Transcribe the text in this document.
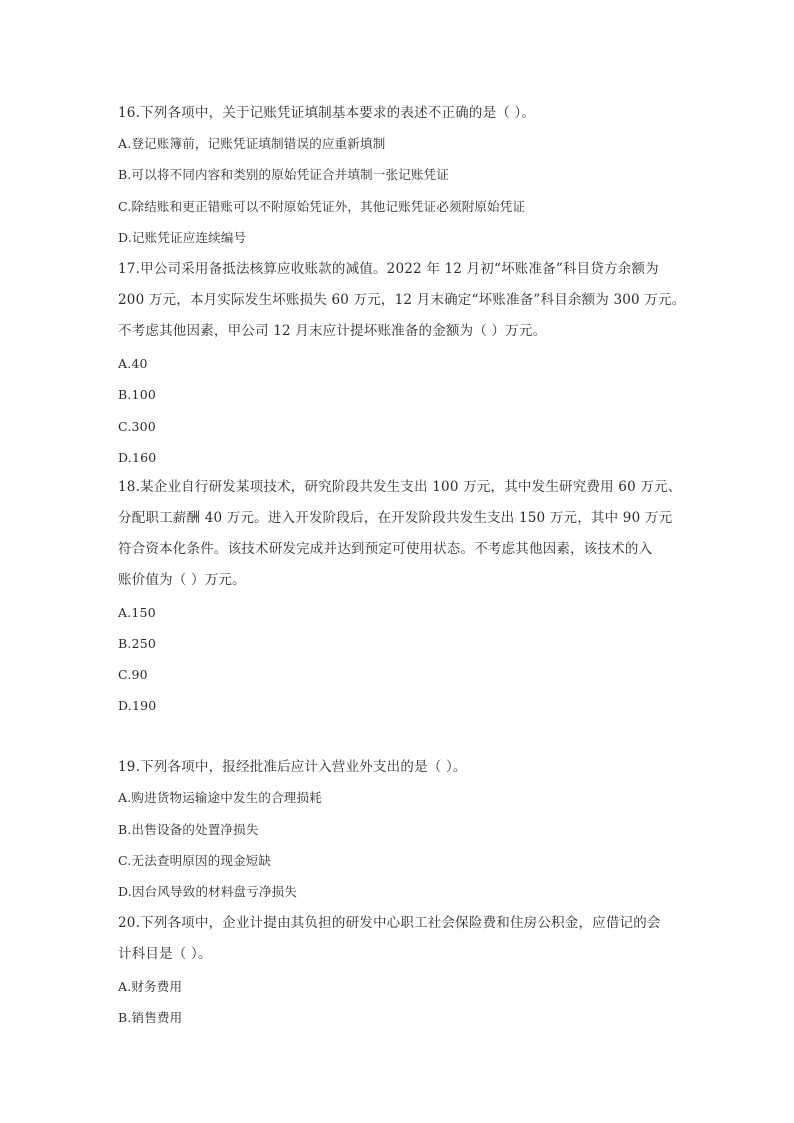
16.下列各项中，关于记账凭证填制基本要求的表述不正确的是（ ）。
A.登记账簿前，记账凭证填制错误的应重新填制
B.可以将不同内容和类别的原始凭证合并填制一张记账凭证
C.除结账和更正错账可以不附原始凭证外，其他记账凭证必须附原始凭证
D.记账凭证应连续编号
17.甲公司采用备抵法核算应收账款的减值。2022 年 12 月初“坏账准备”科目贷方余额为
200 万元，本月实际发生坏账损失 60 万元，12 月末确定“坏账准备”科目余额为 300 万元。
不考虑其他因素，甲公司 12 月末应计提坏账准备的金额为（ ）万元。
A.40
B.100
C.300
D.160
18.某企业自行研发某项技术，研究阶段共发生支出 100 万元，其中发生研究费用 60 万元、
分配职工薪酬 40 万元。进入开发阶段后，在开发阶段共发生支出 150 万元，其中 90 万元
符合资本化条件。该技术研发完成并达到预定可使用状态。不考虑其他因素，该技术的入
账价值为（ ）万元。
A.150
B.250
C.90
D.190
19.下列各项中，报经批准后应计入营业外支出的是（ ）。
A.购进货物运输途中发生的合理损耗
B.出售设备的处置净损失
C.无法查明原因的现金短缺
D.因台风导致的材料盘亏净损失
20.下列各项中，企业计提由其负担的研发中心职工社会保险费和住房公积金，应借记的会
计科目是（ ）。
A.财务费用
B.销售费用
